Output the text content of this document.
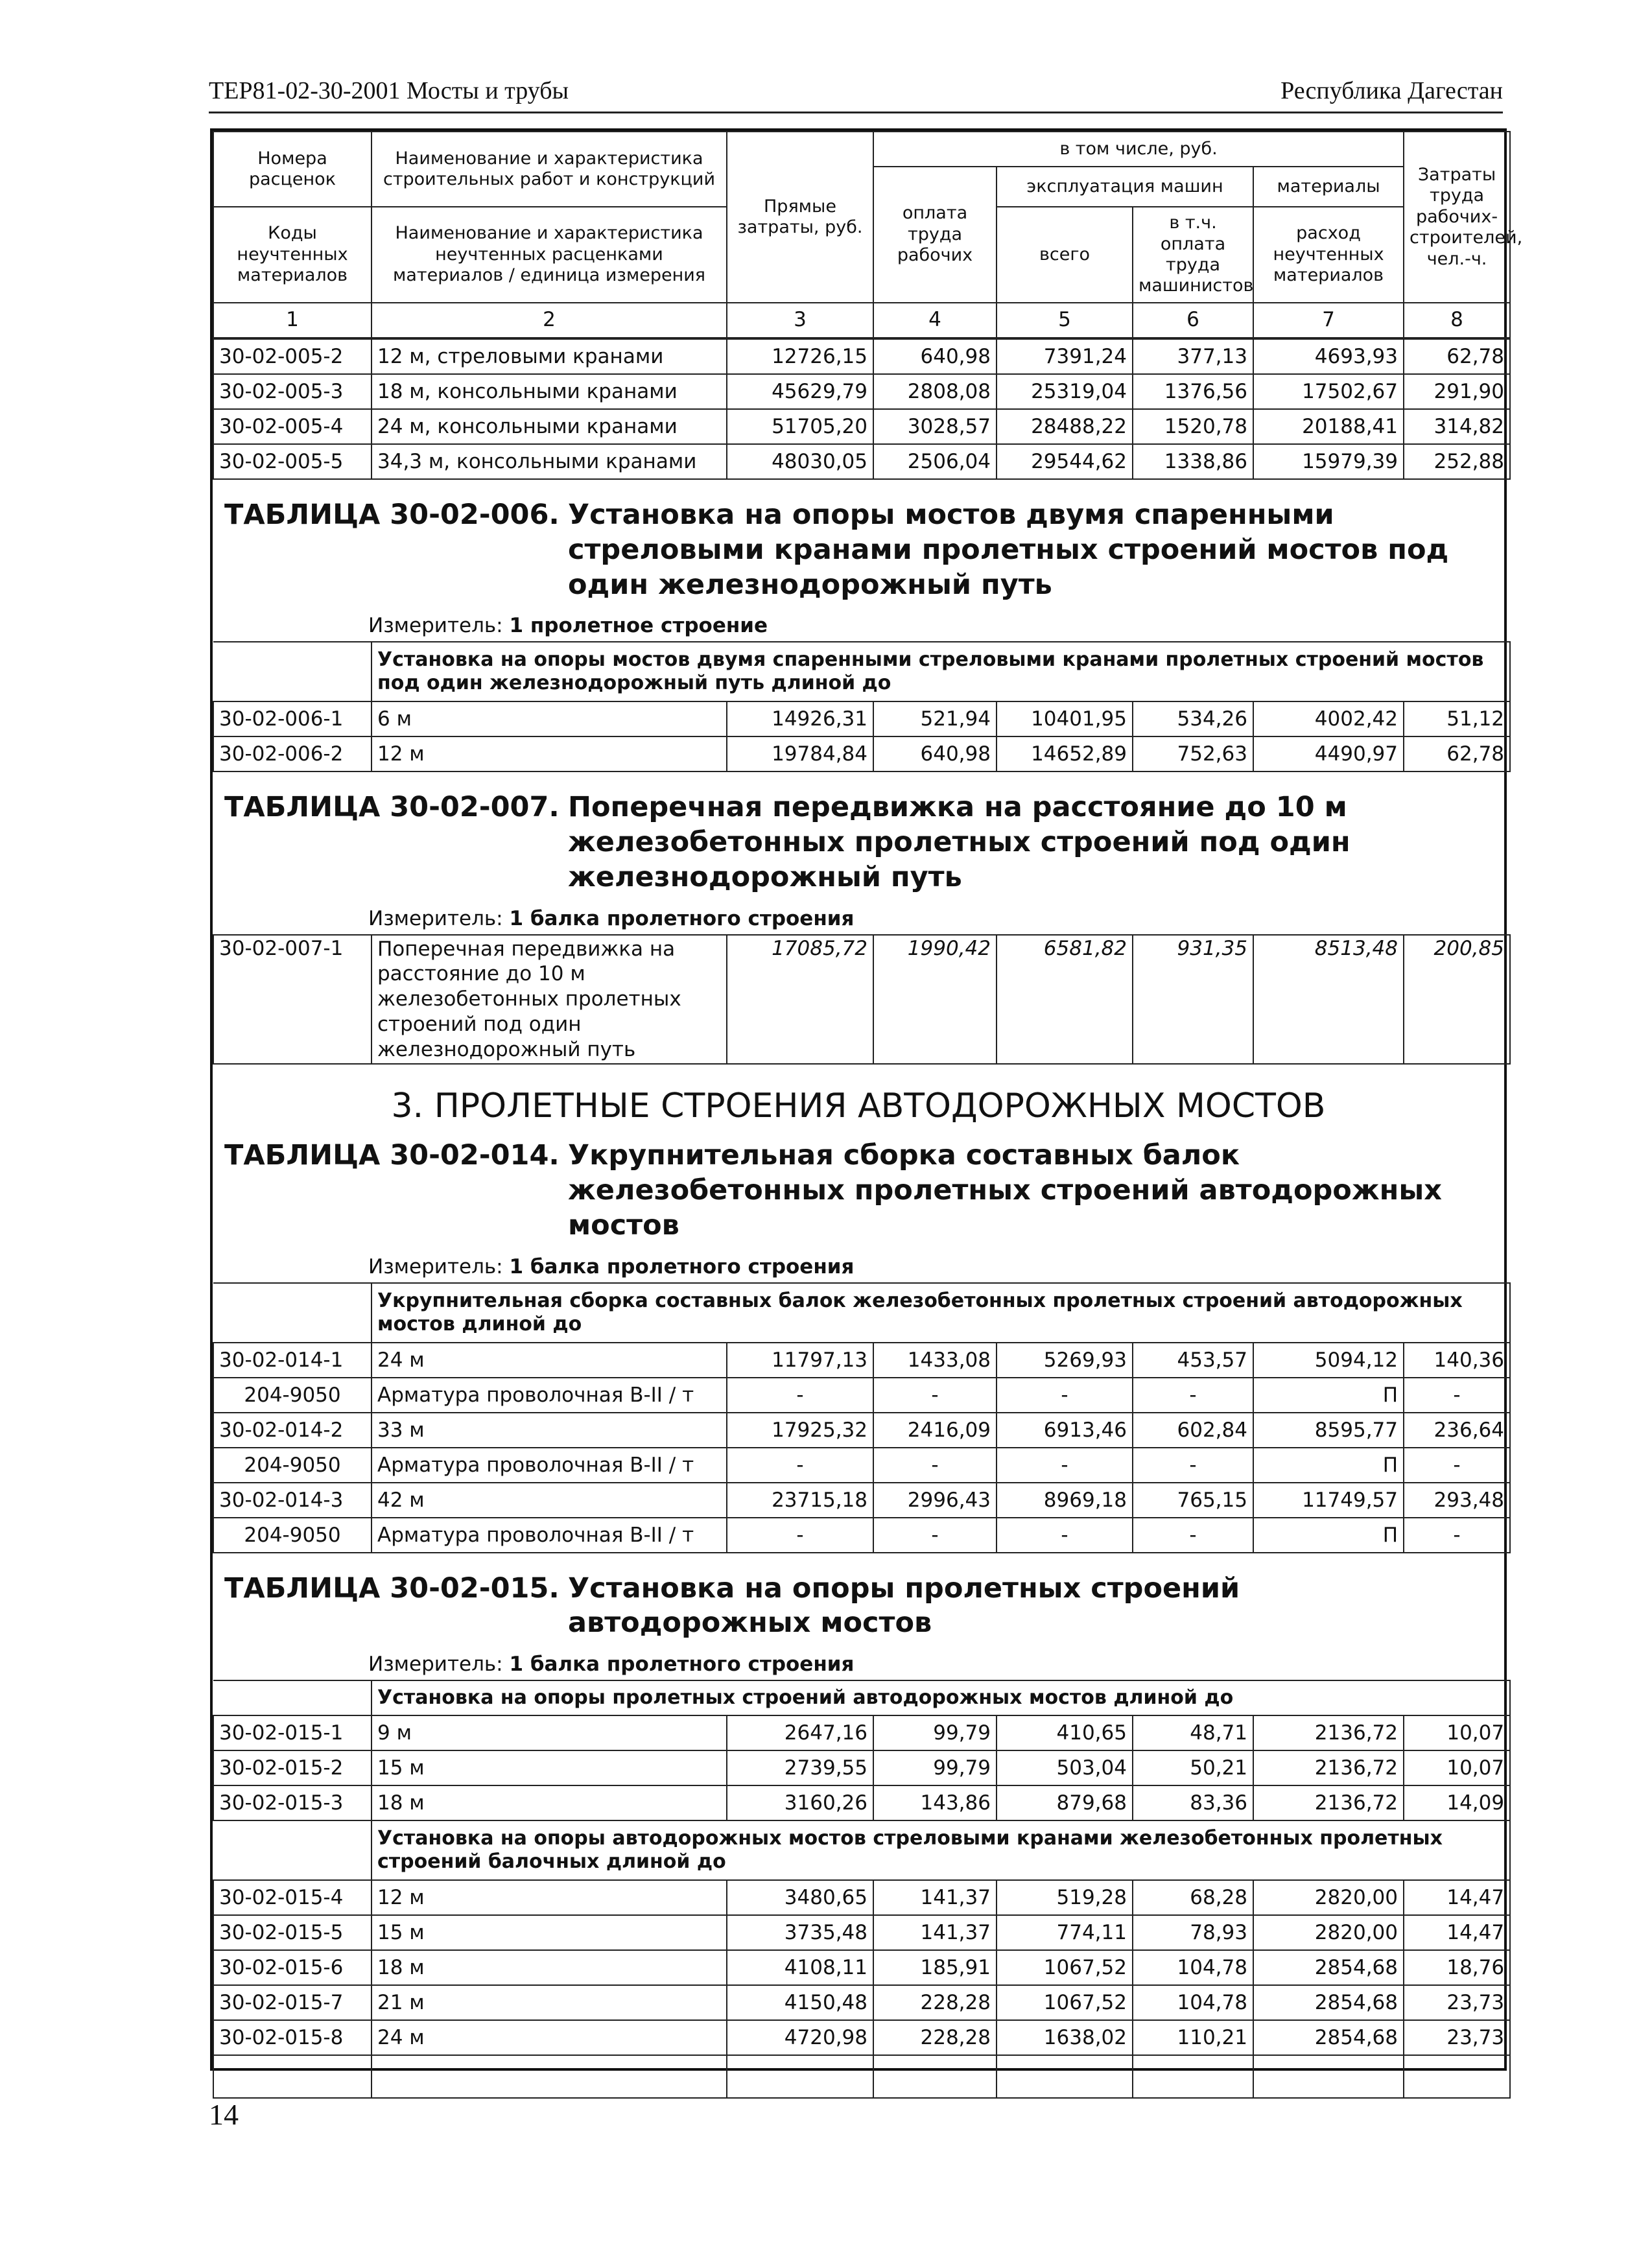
ТЕР81-02-30-2001 Мосты и трубы	Республика Дагестан
Номера расценок	Наименование и характеристика строительных работ и конструкций	Прямые затраты, руб.	в том числе, руб.				Затраты труда рабочих-строителей, чел.-ч.
			оплата труда рабочих	эксплуатация машин		материалы	
Коды неучтенных материалов	Наименование и характеристика неучтенных расценками материалов / единица измерения			всего	в т.ч. оплата труда машинистов	расход неучтенных материалов	

1	2	3	4	5	6	7	8
30-02-005-2	12 м, стреловыми кранами	12726,15	640,98	7391,24	377,13	4693,93	62,78
30-02-005-3	18 м, консольными кранами	45629,79	2808,08	25319,04	1376,56	17502,67	291,90
30-02-005-4	24 м, консольными кранами	51705,20	3028,57	28488,22	1520,78	20188,41	314,82
30-02-005-5	34,3 м, консольными кранами	48030,05	2506,04	29544,62	1338,86	15979,39	252,88
ТАБЛИЦА 30-02-006. Установка на опоры мостов двумя спаренными стреловыми кранами пролетных строений мостов под один железнодорожный путь
Измеритель: 1 пролетное строение
	Установка на опоры мостов двумя спаренными стреловыми кранами пролетных строений мостов под один железнодорожный путь длиной до						
30-02-006-1	6 м	14926,31	521,94	10401,95	534,26	4002,42	51,12
30-02-006-2	12 м	19784,84	640,98	14652,89	752,63	4490,97	62,78
ТАБЛИЦА 30-02-007. Поперечная передвижка на расстояние до 10 м железобетонных пролетных строений под один железнодорожный путь
Измеритель: 1 балка пролетного строения
30-02-007-1	Поперечная передвижка на расстояние до 10 м железобетонных пролетных строений под один железнодорожный путь	17085,72	1990,42	6581,82	931,35	8513,48	200,85
3. ПРОЛЕТНЫЕ СТРОЕНИЯ АВТОДОРОЖНЫХ МОСТОВ
ТАБЛИЦА 30-02-014. Укрупнительная сборка составных балок железобетонных пролетных строений автодорожных мостов
Измеритель: 1 балка пролетного строения
	Укрупнительная сборка составных балок железобетонных пролетных строений автодорожных мостов длиной до						
30-02-014-1	24 м	11797,13	1433,08	5269,93	453,57	5094,12	140,36
204-9050	Арматура проволочная В-II / т	-	-	-	-	П	-
30-02-014-2	33 м	17925,32	2416,09	6913,46	602,84	8595,77	236,64
204-9050	Арматура проволочная В-II / т	-	-	-	-	П	-
30-02-014-3	42 м	23715,18	2996,43	8969,18	765,15	11749,57	293,48
204-9050	Арматура проволочная В-II / т	-	-	-	-	П	-
ТАБЛИЦА 30-02-015. Установка на опоры пролетных строений автодорожных мостов
Измеритель: 1 балка пролетного строения
	Установка на опоры пролетных строений автодорожных мостов длиной до						
30-02-015-1	9 м	2647,16	99,79	410,65	48,71	2136,72	10,07
30-02-015-2	15 м	2739,55	99,79	503,04	50,21	2136,72	10,07
30-02-015-3	18 м	3160,26	143,86	879,68	83,36	2136,72	14,09
	Установка на опоры автодорожных мостов стреловыми кранами железобетонных пролетных строений балочных длиной до						
30-02-015-4	12 м	3480,65	141,37	519,28	68,28	2820,00	14,47
30-02-015-5	15 м	3735,48	141,37	774,11	78,93	2820,00	14,47
30-02-015-6	18 м	4108,11	185,91	1067,52	104,78	2854,68	18,76
30-02-015-7	21 м	4150,48	228,28	1067,52	104,78	2854,68	23,73
30-02-015-8	24 м	4720,98	228,28	1638,02	110,21	2854,68	23,73

14
